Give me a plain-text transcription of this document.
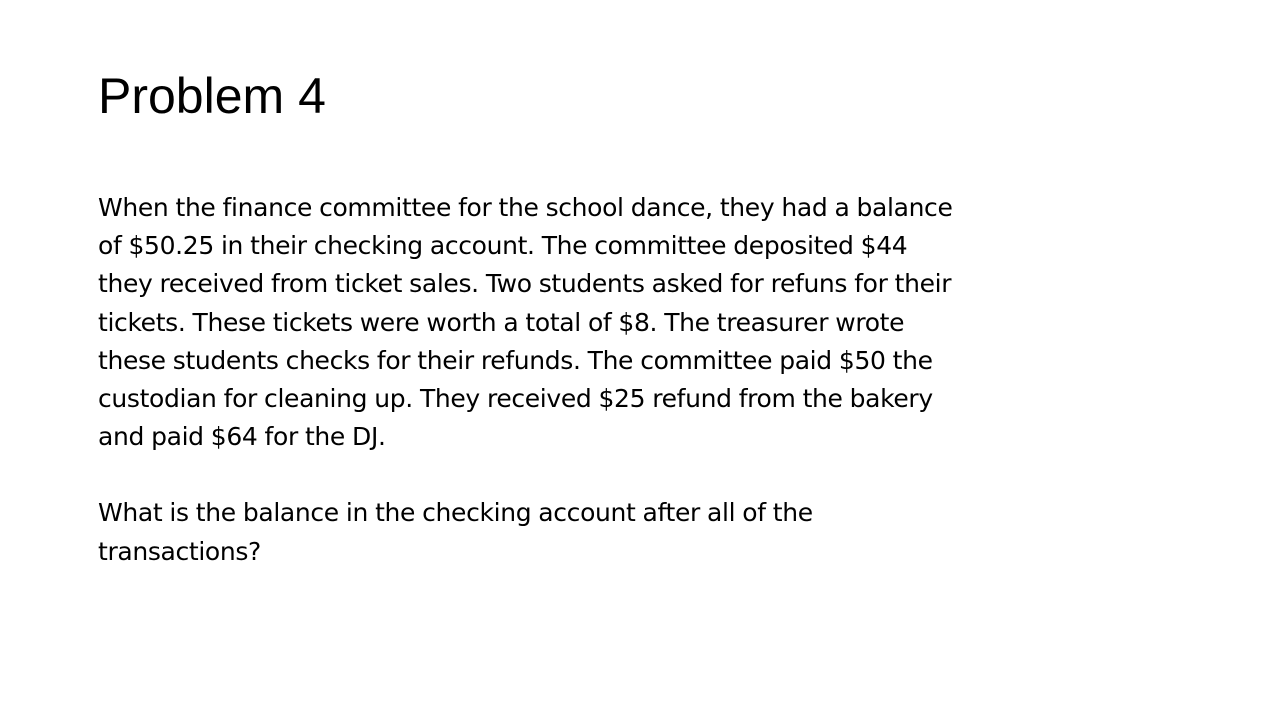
Problem 4

When the finance committee for the school dance, they had a balance
of $50.25 in their checking account. The committee deposited $44
they received from ticket sales. Two students asked for refuns for their
tickets. These tickets were worth a total of $8. The treasurer wrote
these students checks for their refunds. The committee paid $50 the
custodian for cleaning up. They received $25 refund from the bakery
and paid $64 for the DJ.

What is the balance in the checking account after all of the
transactions?
